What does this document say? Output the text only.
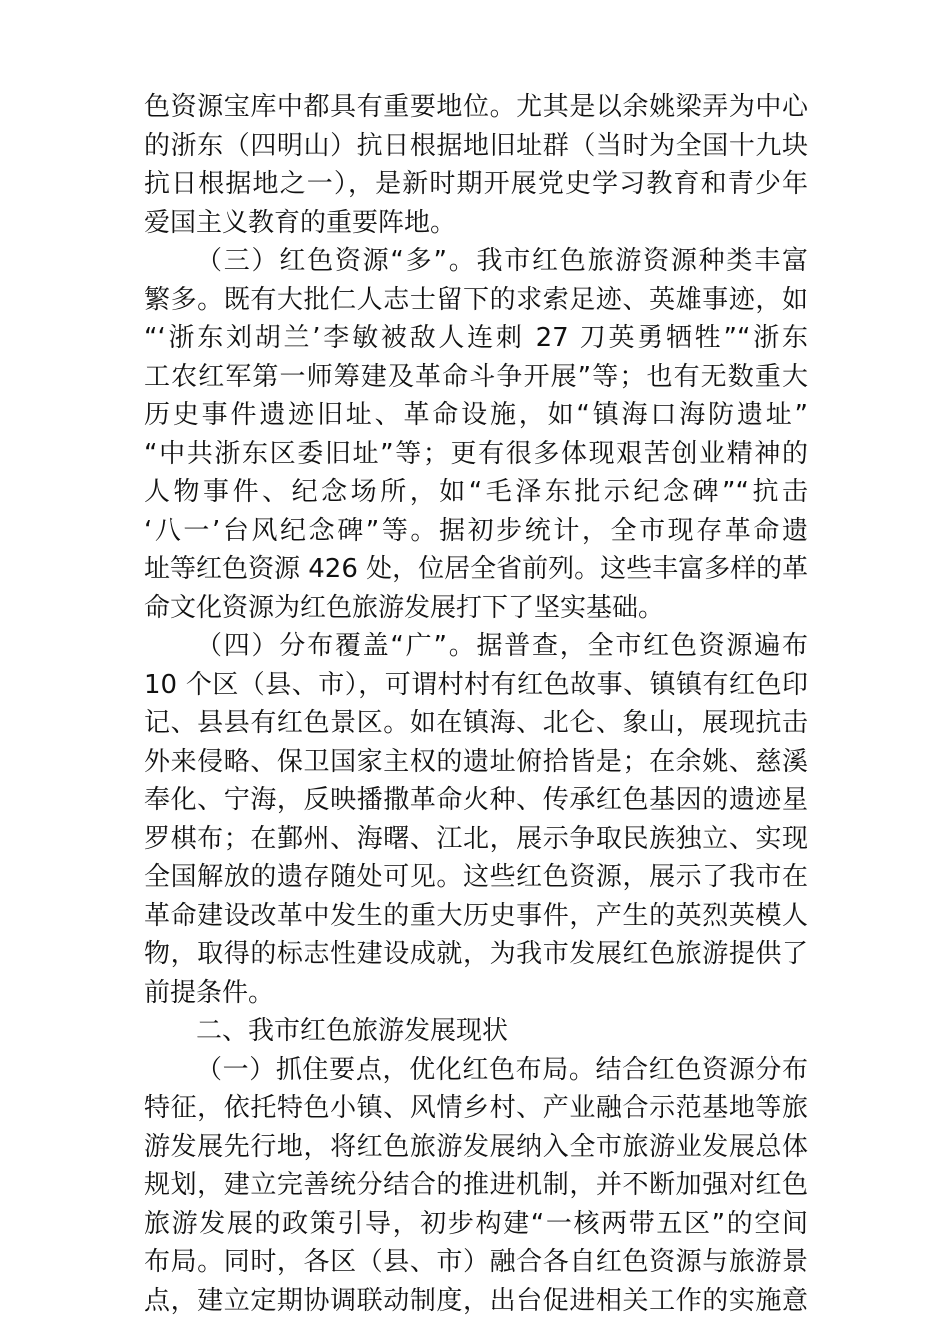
色资源宝库中都具有重要地位。尤其是以余姚梁弄为中心
的浙东（四明山）抗日根据地旧址群（当时为全国十九块
抗日根据地之一），是新时期开展党史学习教育和青少年
爱国主义教育的重要阵地。
（三）红色资源“多”。我市红色旅游资源种类丰富
繁多。既有大批仁人志士留下的求索足迹、英雄事迹，如
“‘浙东刘胡兰’李敏被敌人连刺 27 刀英勇牺牲”“浙东
工农红军第一师筹建及革命斗争开展”等；也有无数重大
历史事件遗迹旧址、革命设施，如“镇海口海防遗址”
“中共浙东区委旧址”等；更有很多体现艰苦创业精神的
人物事件、纪念场所，如“毛泽东批示纪念碑”“抗击
‘八一’台风纪念碑”等。据初步统计，全市现存革命遗
址等红色资源 426 处，位居全省前列。这些丰富多样的革
命文化资源为红色旅游发展打下了坚实基础。
（四）分布覆盖“广”。据普查，全市红色资源遍布
10 个区（县、市），可谓村村有红色故事、镇镇有红色印
记、县县有红色景区。如在镇海、北仑、象山，展现抗击
外来侵略、保卫国家主权的遗址俯拾皆是；在余姚、慈溪
奉化、宁海，反映播撒革命火种、传承红色基因的遗迹星
罗棋布；在鄞州、海曙、江北，展示争取民族独立、实现
全国解放的遗存随处可见。这些红色资源，展示了我市在
革命建设改革中发生的重大历史事件，产生的英烈英模人
物，取得的标志性建设成就，为我市发展红色旅游提供了
前提条件。
二、我市红色旅游发展现状
（一）抓住要点，优化红色布局。结合红色资源分布
特征，依托特色小镇、风情乡村、产业融合示范基地等旅
游发展先行地，将红色旅游发展纳入全市旅游业发展总体
规划，建立完善统分结合的推进机制，并不断加强对红色
旅游发展的政策引导，初步构建“一核两带五区”的空间
布局。同时，各区（县、市）融合各自红色资源与旅游景
点，建立定期协调联动制度，出台促进相关工作的实施意
